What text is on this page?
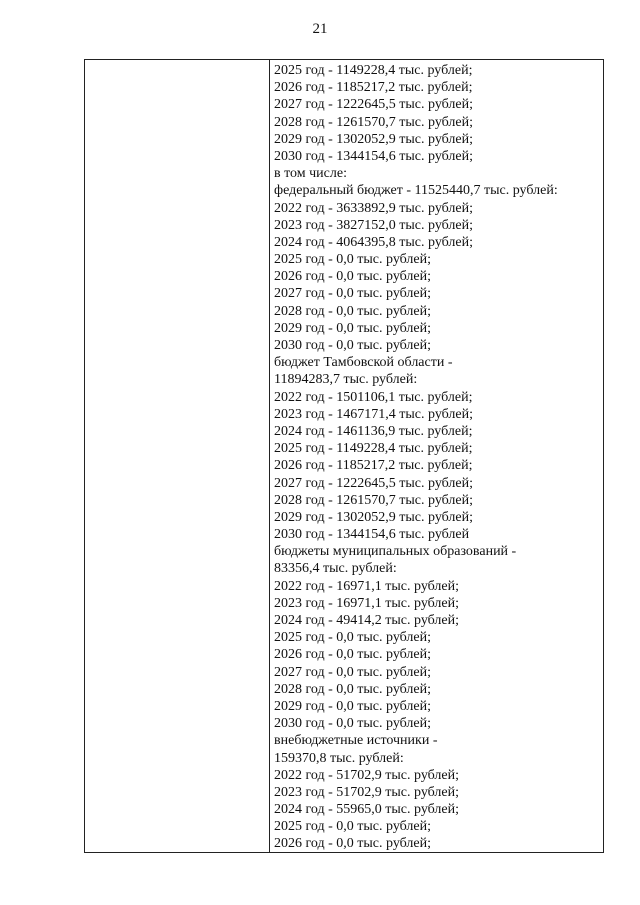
21
2025 год - 1149228,4 тыс. рублей;
2026 год - 1185217,2 тыс. рублей;
2027 год - 1222645,5 тыс. рублей;
2028 год - 1261570,7 тыс. рублей;
2029 год - 1302052,9 тыс. рублей;
2030 год - 1344154,6 тыс. рублей;
в том числе:
федеральный бюджет - 11525440,7 тыс. рублей:
2022 год - 3633892,9 тыс. рублей;
2023 год - 3827152,0 тыс. рублей;
2024 год - 4064395,8 тыс. рублей;
2025 год - 0,0 тыс. рублей;
2026 год - 0,0 тыс. рублей;
2027 год - 0,0 тыс. рублей;
2028 год - 0,0 тыс. рублей;
2029 год - 0,0 тыс. рублей;
2030 год - 0,0 тыс. рублей;
бюджет Тамбовской области -
11894283,7 тыс. рублей:
2022 год - 1501106,1 тыс. рублей;
2023 год - 1467171,4 тыс. рублей;
2024 год - 1461136,9 тыс. рублей;
2025 год - 1149228,4 тыс. рублей;
2026 год - 1185217,2 тыс. рублей;
2027 год - 1222645,5 тыс. рублей;
2028 год - 1261570,7 тыс. рублей;
2029 год - 1302052,9 тыс. рублей;
2030 год - 1344154,6 тыс. рублей
бюджеты муниципальных образований -
83356,4 тыс. рублей:
2022 год - 16971,1 тыс. рублей;
2023 год - 16971,1 тыс. рублей;
2024 год - 49414,2 тыс. рублей;
2025 год - 0,0 тыс. рублей;
2026 год - 0,0 тыс. рублей;
2027 год - 0,0 тыс. рублей;
2028 год - 0,0 тыс. рублей;
2029 год - 0,0 тыс. рублей;
2030 год - 0,0 тыс. рублей;
внебюджетные источники -
159370,8 тыс. рублей:
2022 год - 51702,9 тыс. рублей;
2023 год - 51702,9 тыс. рублей;
2024 год - 55965,0 тыс. рублей;
2025 год - 0,0 тыс. рублей;
2026 год - 0,0 тыс. рублей;
